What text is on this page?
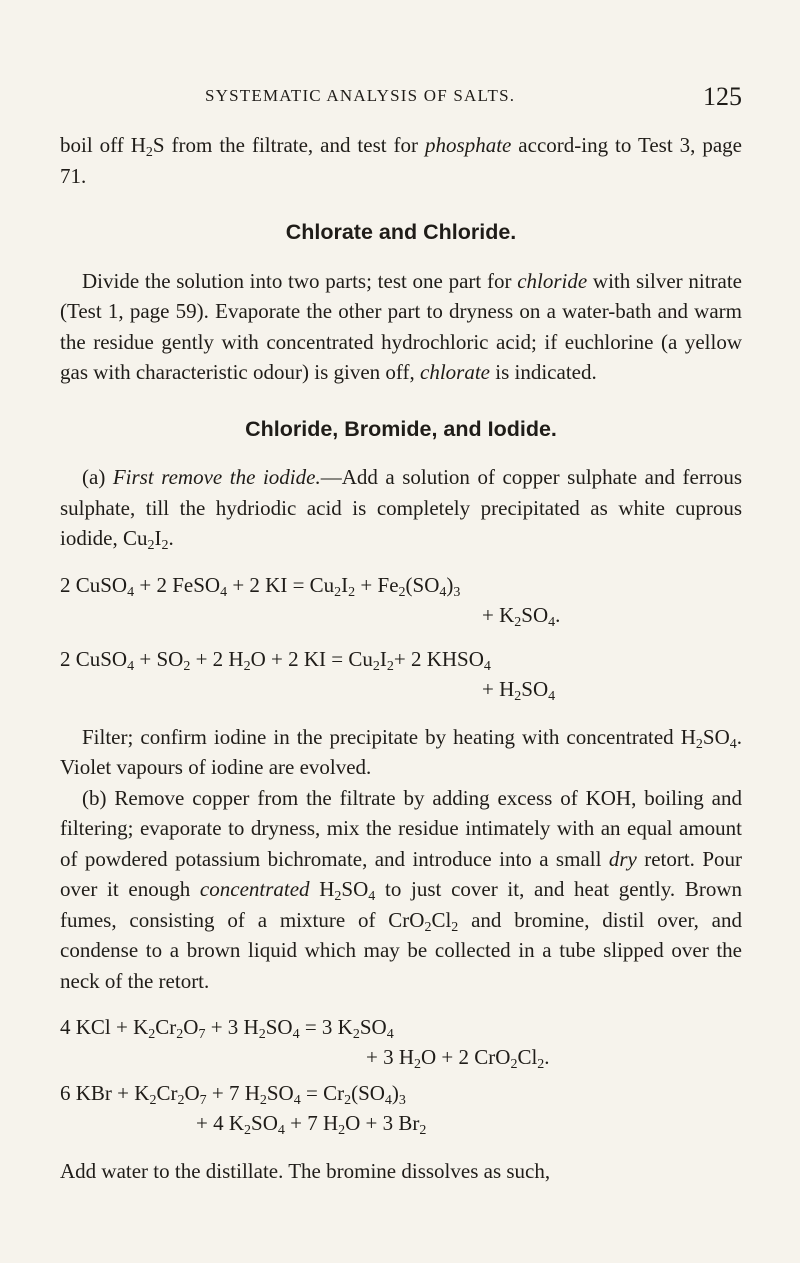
SYSTEMATIC ANALYSIS OF SALTS.	125

boil off $H_2S$ from the filtrate, and test for phosphate accord-ing to Test 3, page 71.

Chlorate and Chloride.

Divide the solution into two parts; test one part for chloride with silver nitrate (Test 1, page 59). Evaporate the other part to dryness on a water-bath and warm the residue gently with concentrated hydrochloric acid; if euchlorine (a yellow gas with characteristic odour) is given off, chlorate is indicated.

Chloride, Bromide, and Iodide.

(a) First remove the iodide.—Add a solution of copper sulphate and ferrous sulphate, till the hydriodic acid is completely precipitated as white cuprous iodide, $Cu_2I_2$.

2 CuSO$_4$ + 2 FeSO$_4$ + 2 KI = $Cu_2I_2 + Fe_2(SO_4)_3$
+ $K_2SO_4$.
2 CuSO$_4$ + $SO_2 + 2$ $H_2O + 2$ KI = $Cu_2I_2+ 2$ $KHSO_4$
+ $H_2SO_4$

Filter; confirm iodine in the precipitate by heating with concentrated $H_2SO_4$. Violet vapours of iodine are evolved.

(b) Remove copper from the filtrate by adding excess of KOH, boiling and filtering; evaporate to dryness, mix the residue intimately with an equal amount of powdered potassium bichromate, and introduce into a small dry retort. Pour over it enough concentrated $H_2SO_4$ to just cover it, and heat gently. Brown fumes, consisting of a mixture of $CrO_2Cl_2$ and bromine, distil over, and condense to a brown liquid which may be collected in a tube slipped over the neck of the retort.

4 KCl + $K_2Cr_2O_7 + 3$ $H_2SO_4 = 3$ $K_2SO_4$
+ 3 $H_2O + 2$ $CrO_2Cl_2$.
6 KBr + $K_2Cr_2O_7 + 7$ $H_2SO_4 = Cr_2(SO_4)_3$
+ 4 $K_2SO_4 + 7$ $H_2O + 3$ $Br_2$

Add water to the distillate. The bromine dissolves as such,
